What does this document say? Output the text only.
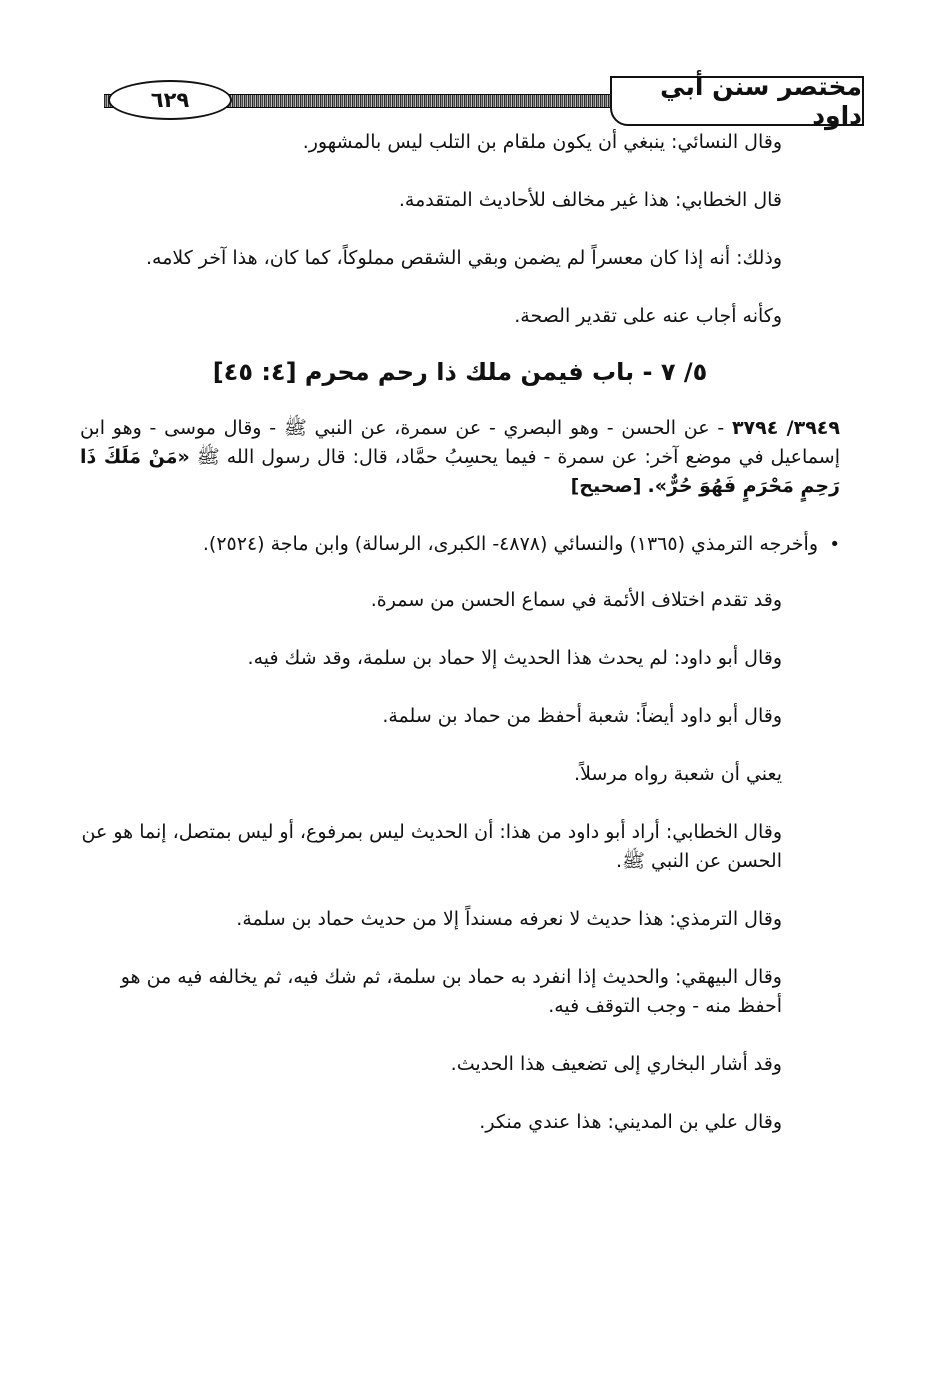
٦٢٩	مختصر سنن أبي داود

وقال النسائي: ينبغي أن يكون ملقام بن التلب ليس بالمشهور.

قال الخطابي: هذا غير مخالف للأحاديث المتقدمة.

وذلك: أنه إذا كان معسراً لم يضمن وبقي الشقص مملوكاً، كما كان، هذا آخر كلامه.

وكأنه أجاب عنه على تقدير الصحة.

٥/ ٧ - باب فيمن ملك ذا رحم محرم [٤: ٤٥]

٣٩٤٩/ ٣٧٩٤ - عن الحسن - وهو البصري - عن سمرة، عن النبي ﷺ - وقال موسى - وهو ابن إسماعيل في موضع آخر: عن سمرة - فيما يحسِبُ حمَّاد، قال: قال رسول الله ﷺ «مَنْ مَلَكَ ذَا رَحِمٍ مَحْرَمٍ فَهُوَ حُرٌّ». [صحيح]

• وأخرجه الترمذي (١٣٦٥) والنسائي (٤٨٧٨- الكبرى، الرسالة) وابن ماجة (٢٥٢٤).

وقد تقدم اختلاف الأئمة في سماع الحسن من سمرة.

وقال أبو داود: لم يحدث هذا الحديث إلا حماد بن سلمة، وقد شك فيه.

وقال أبو داود أيضاً: شعبة أحفظ من حماد بن سلمة.

يعني أن شعبة رواه مرسلاً.

وقال الخطابي: أراد أبو داود من هذا: أن الحديث ليس بمرفوع، أو ليس بمتصل، إنما هو عن الحسن عن النبي ﷺ.

وقال الترمذي: هذا حديث لا نعرفه مسنداً إلا من حديث حماد بن سلمة.

وقال البيهقي: والحديث إذا انفرد به حماد بن سلمة، ثم شك فيه، ثم يخالفه فيه من هو أحفظ منه - وجب التوقف فيه.

وقد أشار البخاري إلى تضعيف هذا الحديث.

وقال علي بن المديني: هذا عندي منكر.
